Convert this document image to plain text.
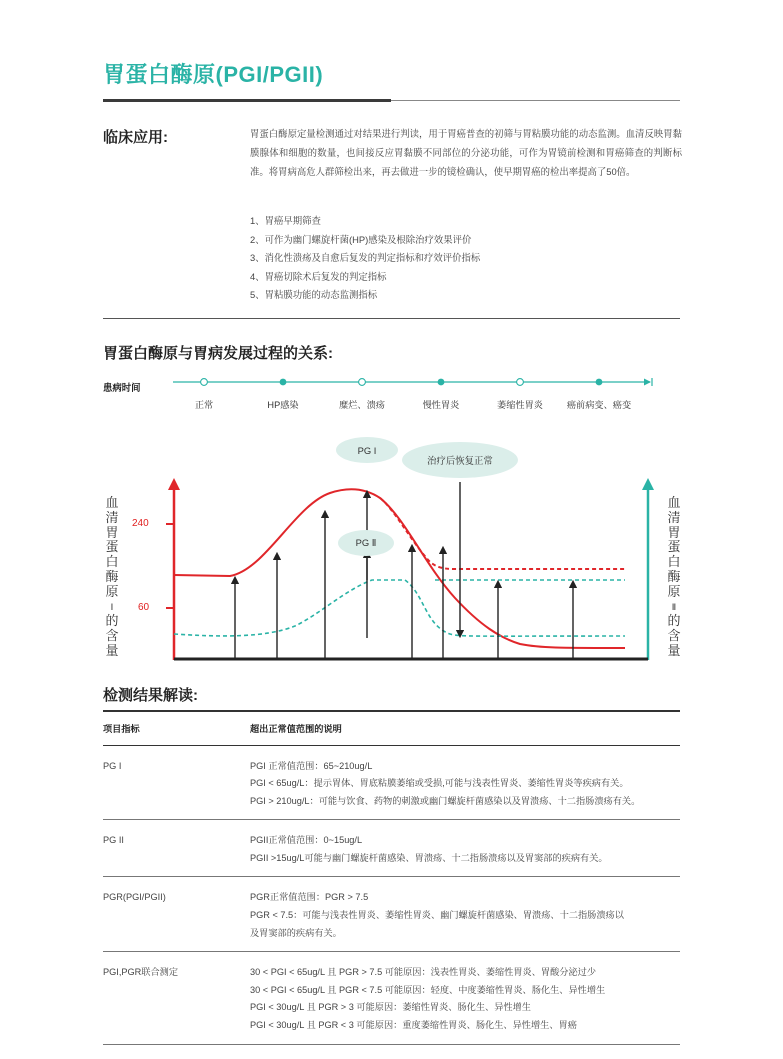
胃蛋白酶原(PGI/PGII)
临床应用:	胃蛋白酶原定量检测通过对结果进行判读，用于胃癌普查的初筛与胃粘膜功能的动态监测。血清反映胃黏膜腺体和细胞的数量，也间接反应胃黏膜不同部位的分泌功能，可作为胃镜前检测和胃癌筛查的判断标准。将胃病高危人群筛检出来，再去做进一步的镜检确认，使早期胃癌的检出率提高了50倍。
1、胃癌早期筛查
2、可作为幽门螺旋杆菌(HP)感染及根除治疗效果评价
3、消化性溃疡及自愈后复发的判定指标和疗效评价指标
4、胃癌切除术后复发的判定指标
5、胃粘膜功能的动态监测指标
胃蛋白酶原与胃病发展过程的关系:
患病时间
正常	HP感染	糜烂、溃疡	慢性胃炎	萎缩性胃炎	癌前病变、癌变
PG I
治疗后恢复正常
PG Ⅱ
240
60
血
清
胃
蛋
白
酶
原
Ⅰ
的
含
量
血
清
胃
蛋
白
酶
原
Ⅱ
的
含
量
检测结果解读:
项目指标	超出正常值范围的说明
PG I	PGI 正常值范围：65~210ug/L
PGI < 65ug/L：提示胃体、胃底粘膜萎缩或受损,可能与浅表性胃炎、萎缩性胃炎等疾病有关。
PGI > 210ug/L：可能与饮食、药物的刺激或幽门螺旋杆菌感染以及胃溃疡、十二指肠溃疡有关。

PG II	PGII正常值范围：0~15ug/L
PGII >15ug/L可能与幽门螺旋杆菌感染、胃溃疡、十二指肠溃疡以及胃窦部的疾病有关。

PGR(PGI/PGII)	PGR正常值范围：PGR > 7.5
PGR < 7.5：可能与浅表性胃炎、萎缩性胃炎、幽门螺旋杆菌感染、胃溃疡、十二指肠溃疡以
及胃窦部的疾病有关。

PGI,PGR联合测定	30 < PGI < 65ug/L 且 PGR > 7.5 可能原因：浅表性胃炎、萎缩性胃炎、胃酸分泌过少
30 < PGI < 65ug/L 且 PGR < 7.5 可能原因：轻度、中度萎缩性胃炎、肠化生、异性增生
PGI < 30ug/L 且 PGR > 3 可能原因：萎缩性胃炎、肠化生、异性增生
PGI < 30ug/L 且 PGR < 3 可能原因：重度萎缩性胃炎、肠化生、异性增生、胃癌
